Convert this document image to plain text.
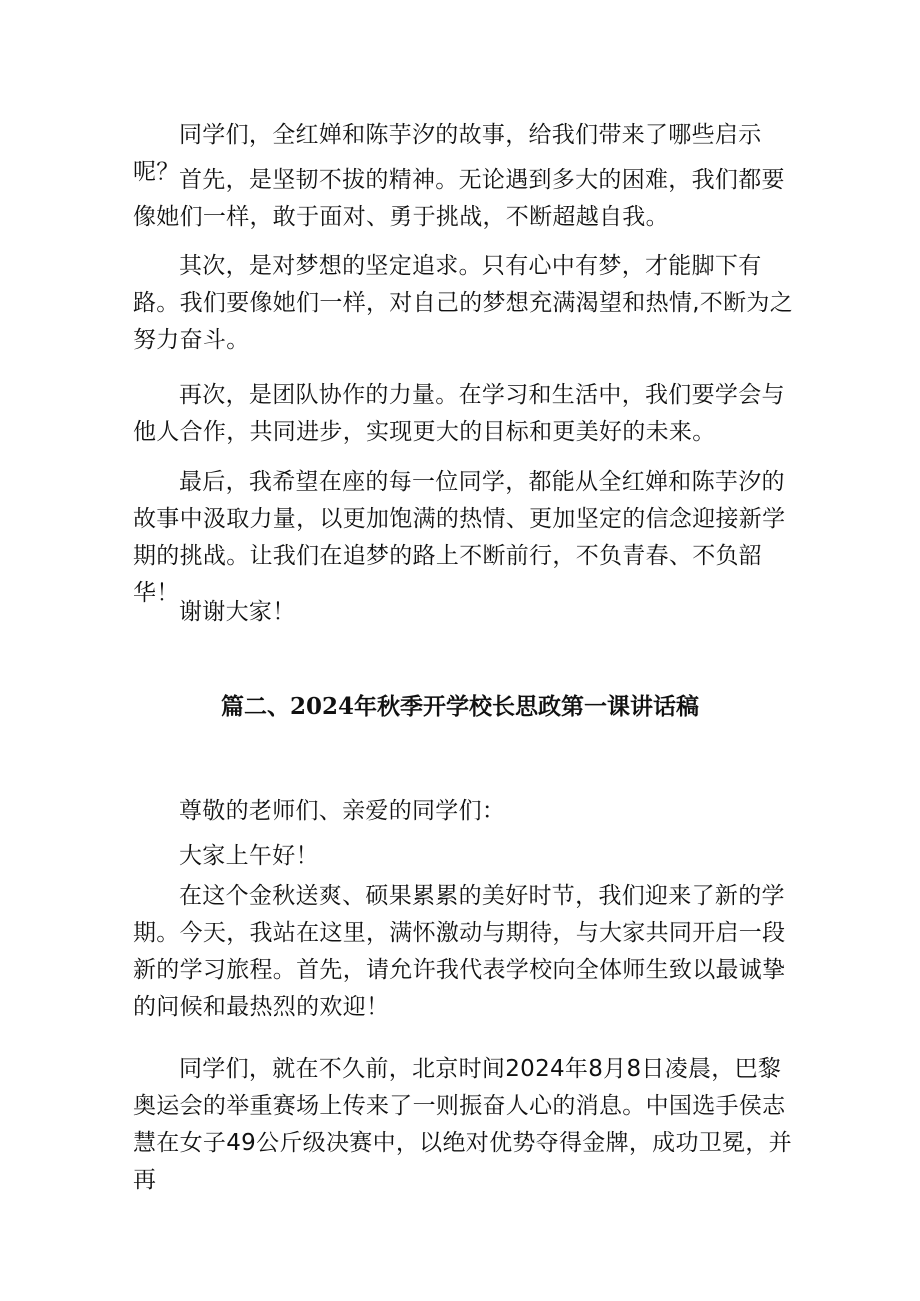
同学们，全红婵和陈芋汐的故事，给我们带来了哪些启示呢？ 首先，是坚韧不拔的精神。无论遇到多大的困难，我们都要像她们一样，敢于面对、勇于挑战，不断超越自我。

其次，是对梦想的坚定追求。只有心中有梦，才能脚下有路。我们要像她们一样，对自己的梦想充满渴望和热情,不断为之努力奋斗。

再次，是团队协作的力量。在学习和生活中，我们要学会与他人合作，共同进步，实现更大的目标和更美好的未来。

最后，我希望在座的每一位同学，都能从全红婵和陈芋汐的故事中汲取力量，以更加饱满的热情、更加坚定的信念迎接新学期的挑战。让我们在追梦的路上不断前行，不负青春、不负韶华！

谢谢大家！

篇二、2024年秋季开学校长思政第一课讲话稿

尊敬的老师们、亲爱的同学们：

大家上午好！

在这个金秋送爽、硕果累累的美好时节，我们迎来了新的学期。今天，我站在这里，满怀激动与期待，与大家共同开启一段新的学习旅程。首先，请允许我代表学校向全体师生致以最诚挚的问候和最热烈的欢迎！

同学们，就在不久前，北京时间2024年8月8日凌晨，巴黎奥运会的举重赛场上传来了一则振奋人心的消息。中国选手侯志慧在女子49公斤级决赛中，以绝对优势夺得金牌，成功卫冕，并再
